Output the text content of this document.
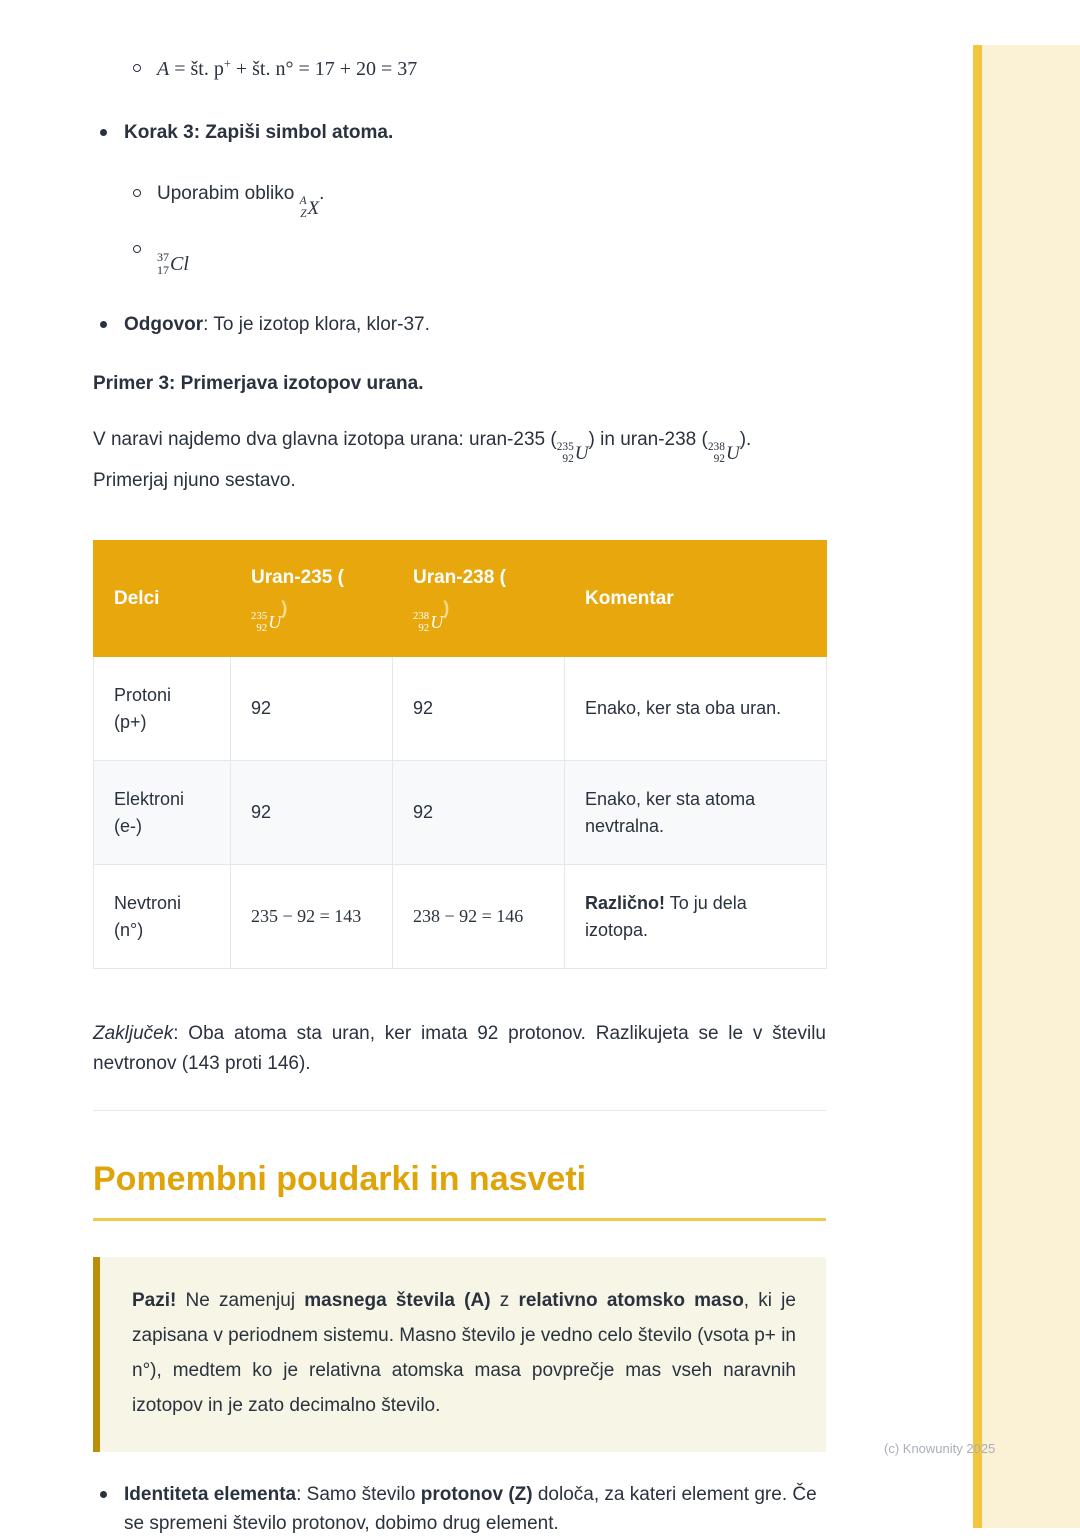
A = št. p+ + št. n° = 17 + 20 = 37
Korak 3: Zapiši simbol atoma.
Uporabim obliko A
Z X
.
37
17 Cl
Odgovor: To je izotop klora, klor-37.

Primer 3: Primerjava izotopov urana.

V naravi najdemo dva glavna izotopa urana: uran-235 ( 235
92 U
) in uran-238 ( 238
92 U
). Primerjaj njuno sestavo.

Delci	Uran-235 (
235
92 U
)	Uran-238 (
238
92 U
)	Komentar

Protoni
(p+)	92	92	Enako, ker sta oba uran.

Elektroni
(e-)	92	92	Enako, ker sta atoma nevtralna.

Nevtroni
(n°)	235 − 92 = 143	238 − 92 = 146	Različno! To ju dela izotopa.

Zaključek: Oba atoma sta uran, ker imata 92 protonov. Razlikujeta se le v številu nevtronov (143 proti 146).

Pomembni poudarki in nasveti

Pazi! Ne zamenjuj masnega števila (A) z relativno atomsko maso, ki je zapisana v periodnem sistemu. Masno število je vedno celo število (vsota p+ in n°), medtem ko je relativna atomska masa povprečje mas vseh naravnih izotopov in je zato decimalno število.

Identiteta elementa: Samo število protonov (Z) določa, za kateri element gre. Če se spremeni število protonov, dobimo drug element.
(c) Knowunity 2025
